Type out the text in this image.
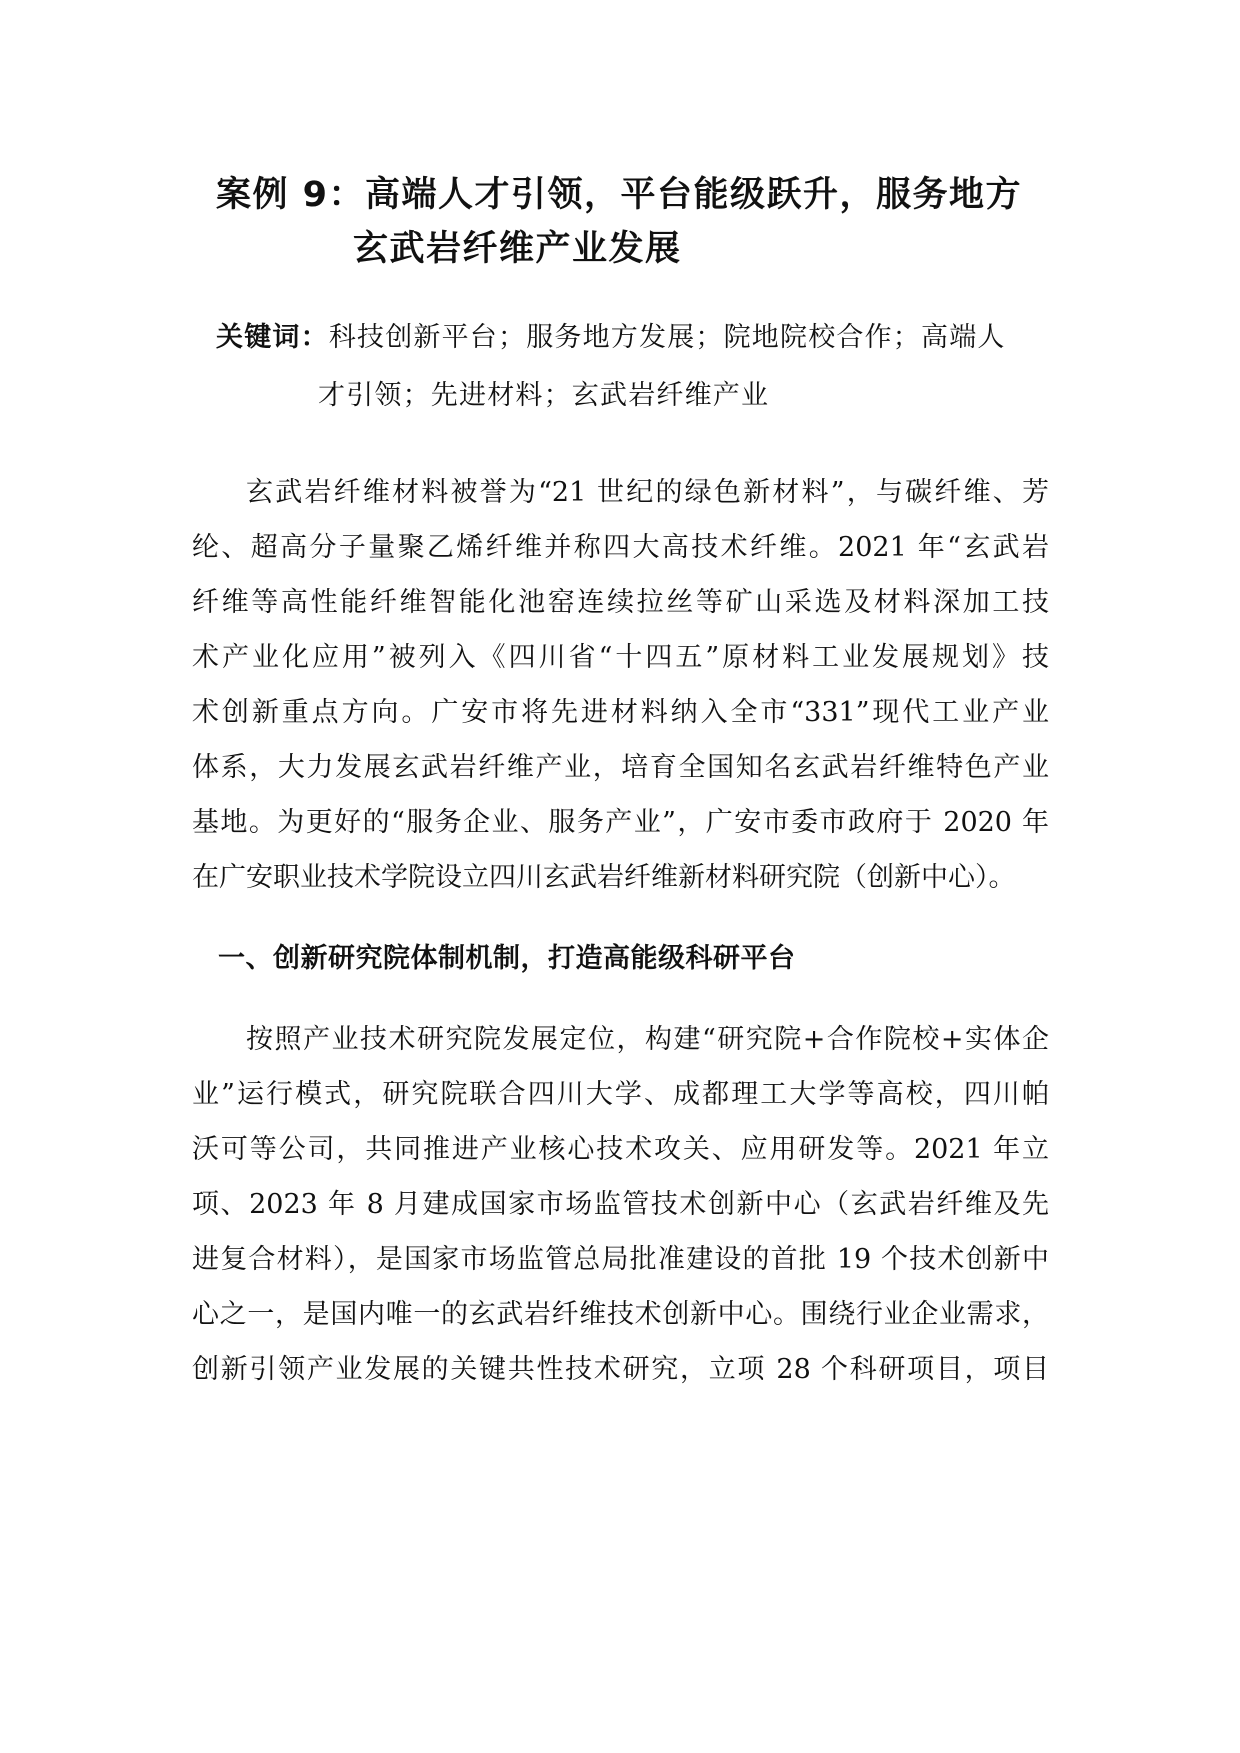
案例 9：高端人才引领，平台能级跃升，服务地方
玄武岩纤维产业发展
关键词：科技创新平台；服务地方发展；院地院校合作；高端人
才引领；先进材料；玄武岩纤维产业
玄武岩纤维材料被誉为“21 世纪的绿色新材料”，与碳纤维、芳
纶、超高分子量聚乙烯纤维并称四大高技术纤维。2021 年“玄武岩
纤维等高性能纤维智能化池窑连续拉丝等矿山采选及材料深加工技
术产业化应用”被列入《四川省“十四五”原材料工业发展规划》技
术创新重点方向。广安市将先进材料纳入全市“331”现代工业产业
体系，大力发展玄武岩纤维产业，培育全国知名玄武岩纤维特色产业
基地。为更好的“服务企业、服务产业”，广安市委市政府于 2020 年
在广安职业技术学院设立四川玄武岩纤维新材料研究院（创新中心）。
一、创新研究院体制机制，打造高能级科研平台
按照产业技术研究院发展定位，构建“研究院+合作院校+实体企
业”运行模式，研究院联合四川大学、成都理工大学等高校，四川帕
沃可等公司，共同推进产业核心技术攻关、应用研发等。2021 年立
项、2023 年 8 月建成国家市场监管技术创新中心（玄武岩纤维及先
进复合材料），是国家市场监管总局批准建设的首批 19 个技术创新中
心之一，是国内唯一的玄武岩纤维技术创新中心。围绕行业企业需求，
创新引领产业发展的关键共性技术研究，立项 28 个科研项目，项目
